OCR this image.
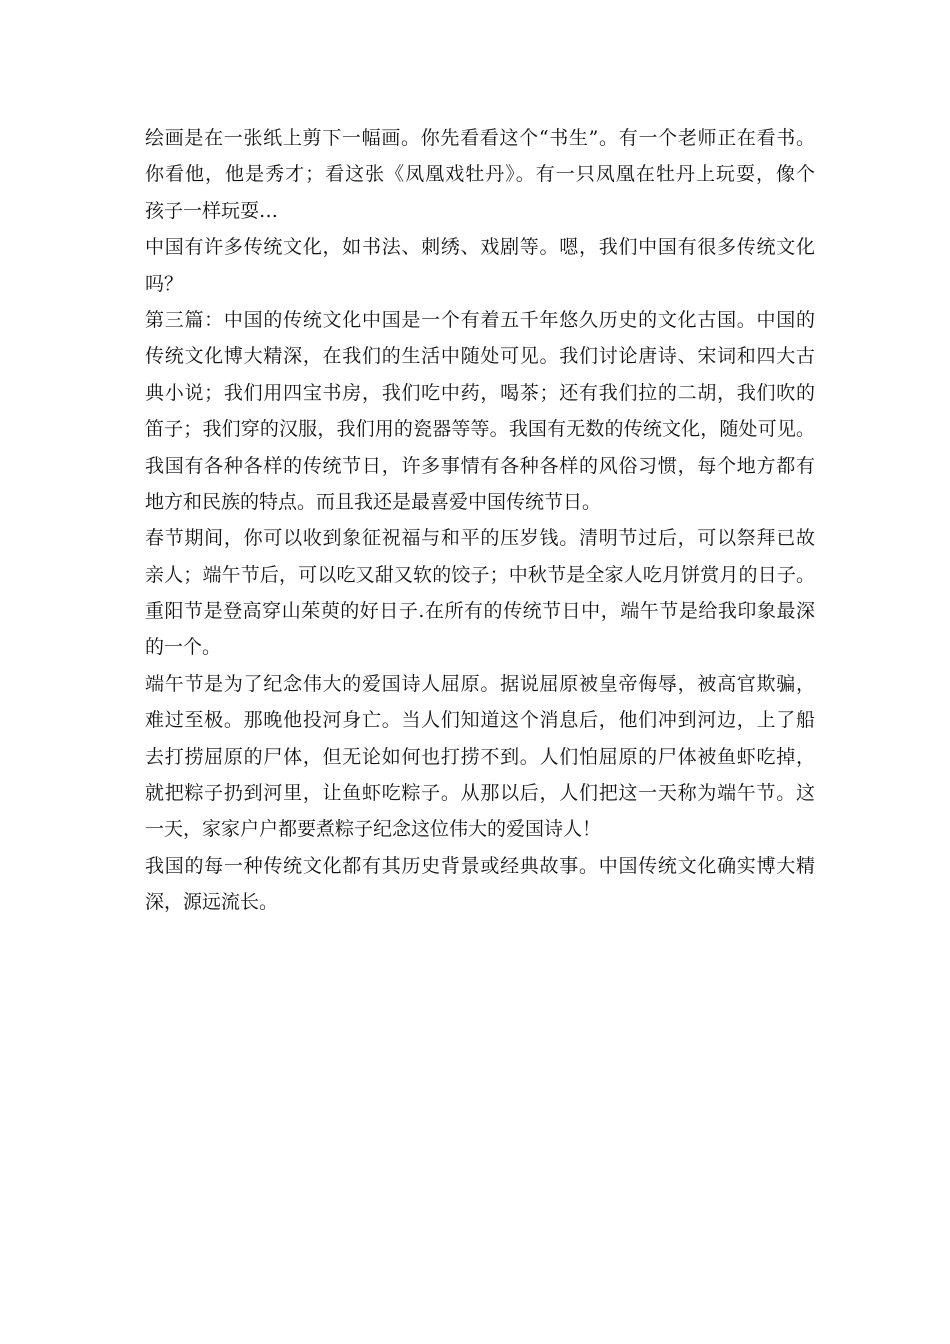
绘画是在一张纸上剪下一幅画。你先看看这个“书生”。有一个老师正在看书。
你看他，他是秀才；看这张《凤凰戏牡丹》。有一只凤凰在牡丹上玩耍，像个
孩子一样玩耍…
中国有许多传统文化，如书法、刺绣、戏剧等。嗯，我们中国有很多传统文化
吗？
第三篇：中国的传统文化中国是一个有着五千年悠久历史的文化古国。中国的
传统文化博大精深，在我们的生活中随处可见。我们讨论唐诗、宋词和四大古
典小说；我们用四宝书房，我们吃中药，喝茶；还有我们拉的二胡，我们吹的
笛子；我们穿的汉服，我们用的瓷器等等。我国有无数的传统文化，随处可见。
我国有各种各样的传统节日，许多事情有各种各样的风俗习惯，每个地方都有
地方和民族的特点。而且我还是最喜爱中国传统节日。
春节期间，你可以收到象征祝福与和平的压岁钱。清明节过后，可以祭拜已故
亲人；端午节后，可以吃又甜又软的饺子；中秋节是全家人吃月饼赏月的日子。
重阳节是登高穿山茱萸的好日子.在所有的传统节日中，端午节是给我印象最深
的一个。
端午节是为了纪念伟大的爱国诗人屈原。据说屈原被皇帝侮辱，被高官欺骗，
难过至极。那晚他投河身亡。当人们知道这个消息后，他们冲到河边，上了船
去打捞屈原的尸体，但无论如何也打捞不到。人们怕屈原的尸体被鱼虾吃掉，
就把粽子扔到河里，让鱼虾吃粽子。从那以后，人们把这一天称为端午节。这
一天，家家户户都要煮粽子纪念这位伟大的爱国诗人！
我国的每一种传统文化都有其历史背景或经典故事。中国传统文化确实博大精
深，源远流长。
